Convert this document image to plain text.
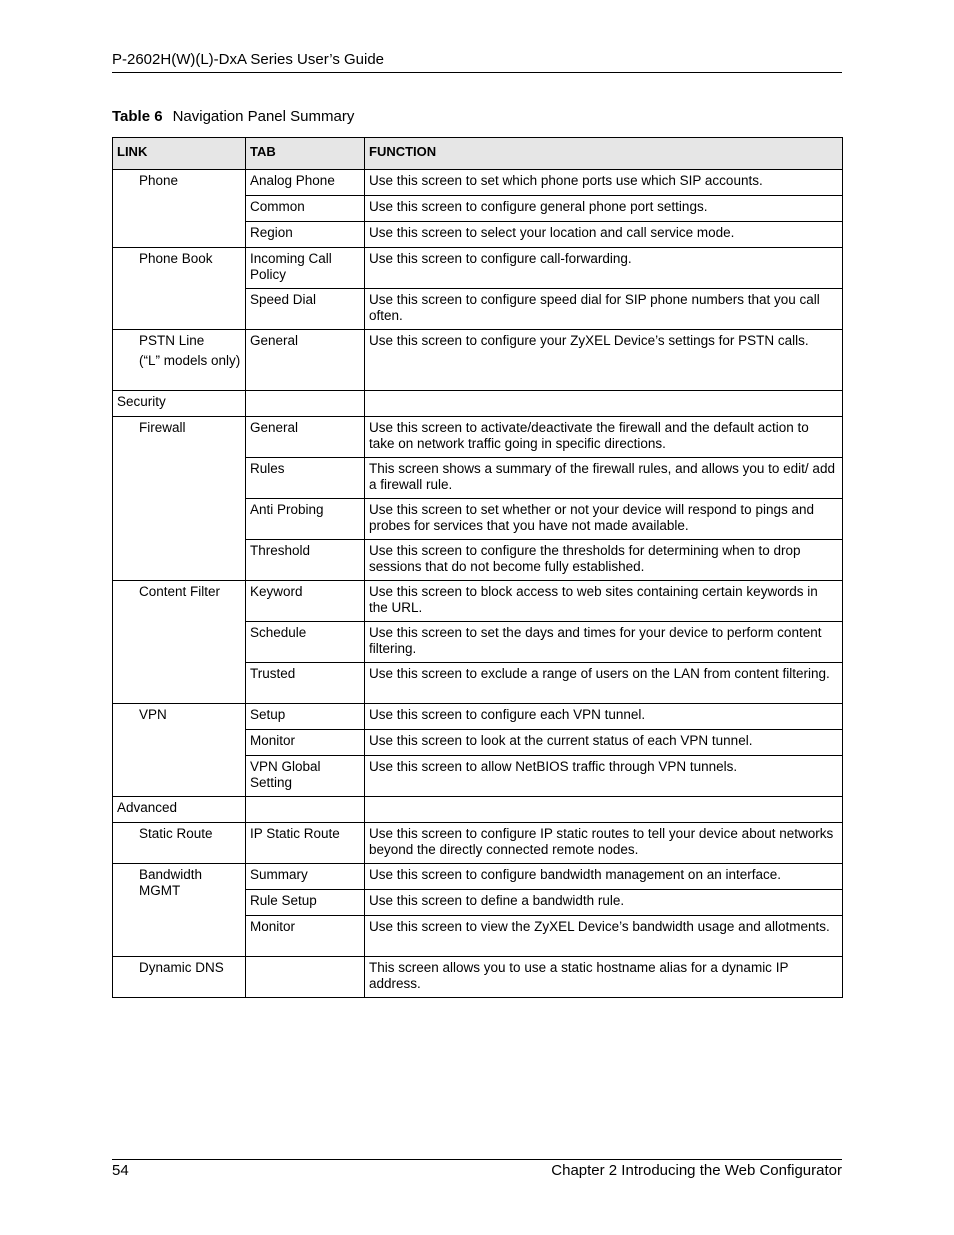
P-2602H(W)(L)-DxA Series User’s Guide
Table 6 Navigation Panel Summary
LINK	TAB	FUNCTION
Phone	Analog Phone	Use this screen to set which phone ports use which SIP accounts.
	Common	Use this screen to configure general phone port settings.
	Region	Use this screen to select your location and call service mode.
Phone Book	Incoming Call Policy	Use this screen to configure call-forwarding.
	Speed Dial	Use this screen to configure speed dial for SIP phone numbers that you call often.
PSTN Line
(“L” models only)	General	Use this screen to configure your ZyXEL Device’s settings for PSTN calls.
Security		
Firewall	General	Use this screen to activate/deactivate the firewall and the default action to take on network traffic going in specific directions.
	Rules	This screen shows a summary of the firewall rules, and allows you to edit/ add a firewall rule.
	Anti Probing	Use this screen to set whether or not your device will respond to pings and probes for services that you have not made available.
	Threshold	Use this screen to configure the thresholds for determining when to drop sessions that do not become fully established.
Content Filter	Keyword	Use this screen to block access to web sites containing certain keywords in the URL.
	Schedule	Use this screen to set the days and times for your device to perform content filtering.
	Trusted	Use this screen to exclude a range of users on the LAN from content filtering.
VPN	Setup	Use this screen to configure each VPN tunnel.
	Monitor	Use this screen to look at the current status of each VPN tunnel.
	VPN Global Setting	Use this screen to allow NetBIOS traffic through VPN tunnels.
Advanced		
Static Route	IP Static Route	Use this screen to configure IP static routes to tell your device about networks beyond the directly connected remote nodes.
Bandwidth MGMT	Summary	Use this screen to configure bandwidth management on an interface.
	Rule Setup	Use this screen to define a bandwidth rule.
	Monitor	Use this screen to view the ZyXEL Device’s bandwidth usage and allotments.
Dynamic DNS		This screen allows you to use a static hostname alias for a dynamic IP address.
54	Chapter 2 Introducing the Web Configurator
